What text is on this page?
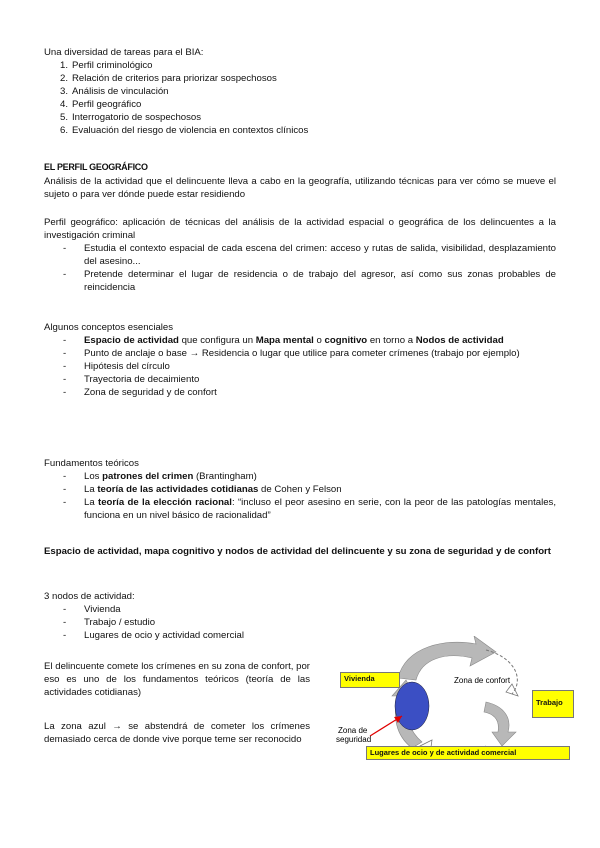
Una diversidad de tareas para el BIA:
1. Perfil criminológico
2. Relación de criterios para priorizar sospechosos
3. Análisis de vinculación
4. Perfil geográfico
5. Interrogatorio de sospechosos
6. Evaluación del riesgo de violencia en contextos clínicos
EL PERFIL GEOGRÁFICO
Análisis de la actividad que el delincuente lleva a cabo en la geografía, utilizando técnicas para ver cómo se mueve el sujeto o para ver dónde puede estar residiendo
Perfil geográfico: aplicación de técnicas del análisis de la actividad espacial o geográfica de los delincuentes a la investigación criminal
- Estudia el contexto espacial de cada escena del crimen: acceso y rutas de salida, visibilidad, desplazamiento del asesino...
- Pretende determinar el lugar de residencia o de trabajo del agresor, así como sus zonas probables de reincidencia
Algunos conceptos esenciales
- Espacio de actividad que configura un Mapa mental o cognitivo en torno a Nodos de actividad
- Punto de anclaje o base → Residencia o lugar que utilice para cometer crímenes (trabajo por ejemplo)
- Hipótesis del círculo
- Trayectoria de decaimiento
- Zona de seguridad y de confort
Fundamentos teóricos
- Los patrones del crimen (Brantingham)
- La teoría de las actividades cotidianas de Cohen y Felson
- La teoría de la elección racional: “incluso el peor asesino en serie, con la peor de las patologías mentales, funciona en un nivel básico de racionalidad”
Espacio de actividad, mapa cognitivo y nodos de actividad del delincuente y su zona de seguridad y de confort
3 nodos de actividad:
- Vivienda
- Trabajo / estudio
- Lugares de ocio y actividad comercial
El delincuente comete los crímenes en su zona de confort, por eso es uno de los fundamentos teóricos (teoría de las actividades cotidianas)
La zona azul → se abstendrá de cometer los crímenes demasiado cerca de donde vive porque teme ser reconocido
Vivienda
Trabajo
Lugares de ocio y de actividad comercial
Zona de confort
Zona de
seguridad
